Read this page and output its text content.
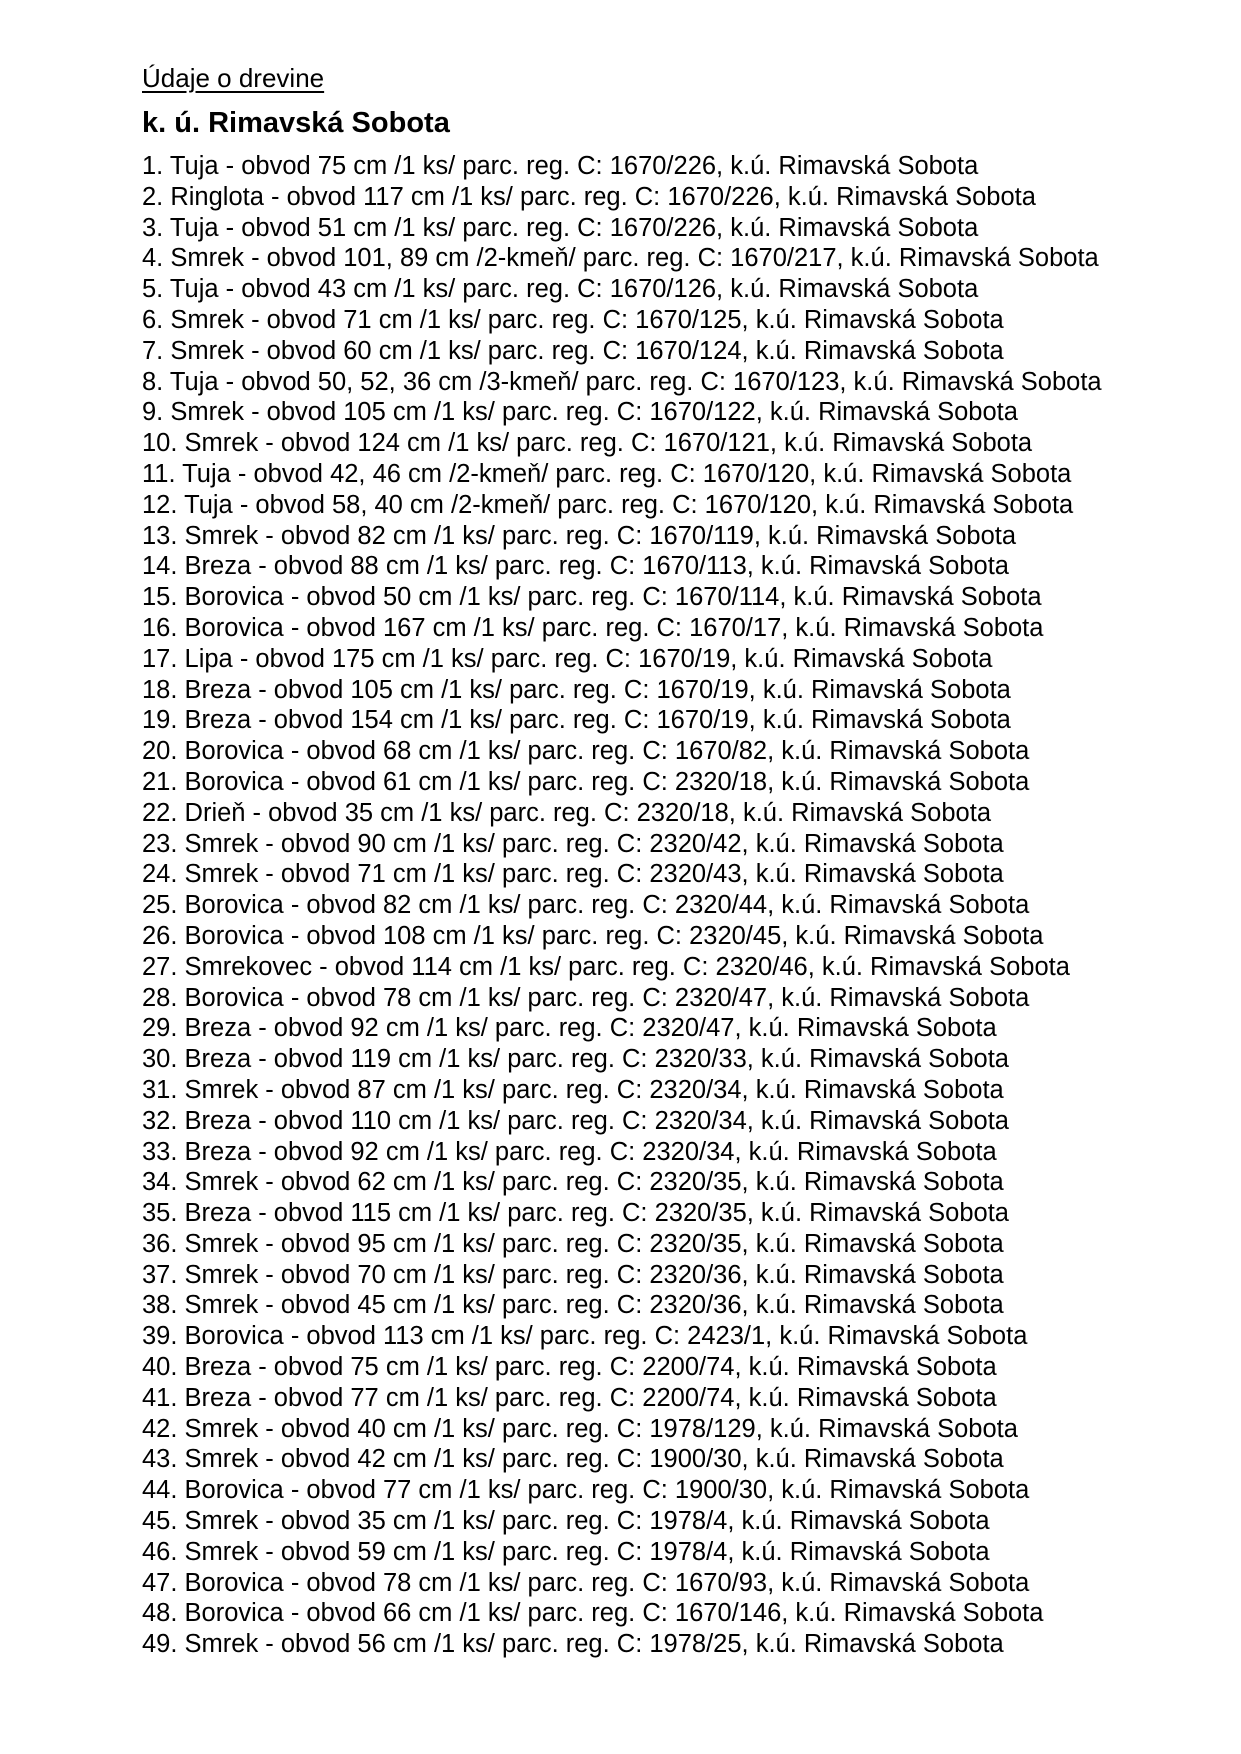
Údaje o drevine

k. ú. Rimavská Sobota

1. Tuja - obvod 75 cm /1 ks/ parc. reg. C: 1670/226, k.ú. Rimavská Sobota
2. Ringlota - obvod 117 cm /1 ks/ parc. reg. C: 1670/226, k.ú. Rimavská Sobota
3. Tuja - obvod 51 cm /1 ks/ parc. reg. C: 1670/226, k.ú. Rimavská Sobota
4. Smrek - obvod 101, 89 cm /2-kmeň/ parc. reg. C: 1670/217, k.ú. Rimavská Sobota
5. Tuja - obvod 43 cm /1 ks/ parc. reg. C: 1670/126, k.ú. Rimavská Sobota
6. Smrek - obvod 71 cm /1 ks/ parc. reg. C: 1670/125, k.ú. Rimavská Sobota
7. Smrek - obvod 60 cm /1 ks/ parc. reg. C: 1670/124, k.ú. Rimavská Sobota
8. Tuja - obvod 50, 52, 36 cm /3-kmeň/ parc. reg. C: 1670/123, k.ú. Rimavská Sobota
9. Smrek - obvod 105 cm /1 ks/ parc. reg. C: 1670/122, k.ú. Rimavská Sobota
10. Smrek - obvod 124 cm /1 ks/ parc. reg. C: 1670/121, k.ú. Rimavská Sobota
11. Tuja - obvod 42, 46 cm /2-kmeň/ parc. reg. C: 1670/120, k.ú. Rimavská Sobota
12. Tuja - obvod 58, 40 cm /2-kmeň/ parc. reg. C: 1670/120, k.ú. Rimavská Sobota
13. Smrek - obvod 82 cm /1 ks/ parc. reg. C: 1670/119, k.ú. Rimavská Sobota
14. Breza - obvod 88 cm /1 ks/ parc. reg. C: 1670/113, k.ú. Rimavská Sobota
15. Borovica - obvod 50 cm /1 ks/ parc. reg. C: 1670/114, k.ú. Rimavská Sobota
16. Borovica - obvod 167 cm /1 ks/ parc. reg. C: 1670/17, k.ú. Rimavská Sobota
17. Lipa - obvod 175 cm /1 ks/ parc. reg. C: 1670/19, k.ú. Rimavská Sobota
18. Breza - obvod 105 cm /1 ks/ parc. reg. C: 1670/19, k.ú. Rimavská Sobota
19. Breza - obvod 154 cm /1 ks/ parc. reg. C: 1670/19, k.ú. Rimavská Sobota
20. Borovica - obvod 68 cm /1 ks/ parc. reg. C: 1670/82, k.ú. Rimavská Sobota
21. Borovica - obvod 61 cm /1 ks/ parc. reg. C: 2320/18, k.ú. Rimavská Sobota
22. Drieň - obvod 35 cm /1 ks/ parc. reg. C: 2320/18, k.ú. Rimavská Sobota
23. Smrek - obvod 90 cm /1 ks/ parc. reg. C: 2320/42, k.ú. Rimavská Sobota
24. Smrek - obvod 71 cm /1 ks/ parc. reg. C: 2320/43, k.ú. Rimavská Sobota
25. Borovica - obvod 82 cm /1 ks/ parc. reg. C: 2320/44, k.ú. Rimavská Sobota
26. Borovica - obvod 108 cm /1 ks/ parc. reg. C: 2320/45, k.ú. Rimavská Sobota
27. Smrekovec - obvod 114 cm /1 ks/ parc. reg. C: 2320/46, k.ú. Rimavská Sobota
28. Borovica - obvod 78 cm /1 ks/ parc. reg. C: 2320/47, k.ú. Rimavská Sobota
29. Breza - obvod 92 cm /1 ks/ parc. reg. C: 2320/47, k.ú. Rimavská Sobota
30. Breza - obvod 119 cm /1 ks/ parc. reg. C: 2320/33, k.ú. Rimavská Sobota
31. Smrek - obvod 87 cm /1 ks/ parc. reg. C: 2320/34, k.ú. Rimavská Sobota
32. Breza - obvod 110 cm /1 ks/ parc. reg. C: 2320/34, k.ú. Rimavská Sobota
33. Breza - obvod 92 cm /1 ks/ parc. reg. C: 2320/34, k.ú. Rimavská Sobota
34. Smrek - obvod 62 cm /1 ks/ parc. reg. C: 2320/35, k.ú. Rimavská Sobota
35. Breza - obvod 115 cm /1 ks/ parc. reg. C: 2320/35, k.ú. Rimavská Sobota
36. Smrek - obvod 95 cm /1 ks/ parc. reg. C: 2320/35, k.ú. Rimavská Sobota
37. Smrek - obvod 70 cm /1 ks/ parc. reg. C: 2320/36, k.ú. Rimavská Sobota
38. Smrek - obvod 45 cm /1 ks/ parc. reg. C: 2320/36, k.ú. Rimavská Sobota
39. Borovica - obvod 113 cm /1 ks/ parc. reg. C: 2423/1, k.ú. Rimavská Sobota
40. Breza - obvod 75 cm /1 ks/ parc. reg. C: 2200/74, k.ú. Rimavská Sobota
41. Breza - obvod 77 cm /1 ks/ parc. reg. C: 2200/74, k.ú. Rimavská Sobota
42. Smrek - obvod 40 cm /1 ks/ parc. reg. C: 1978/129, k.ú. Rimavská Sobota
43. Smrek - obvod 42 cm /1 ks/ parc. reg. C: 1900/30, k.ú. Rimavská Sobota
44. Borovica - obvod 77 cm /1 ks/ parc. reg. C: 1900/30, k.ú. Rimavská Sobota
45. Smrek - obvod 35 cm /1 ks/ parc. reg. C: 1978/4, k.ú. Rimavská Sobota
46. Smrek - obvod 59 cm /1 ks/ parc. reg. C: 1978/4, k.ú. Rimavská Sobota
47. Borovica - obvod 78 cm /1 ks/ parc. reg. C: 1670/93, k.ú. Rimavská Sobota
48. Borovica - obvod 66 cm /1 ks/ parc. reg. C: 1670/146, k.ú. Rimavská Sobota
49. Smrek - obvod 56 cm /1 ks/ parc. reg. C: 1978/25, k.ú. Rimavská Sobota
